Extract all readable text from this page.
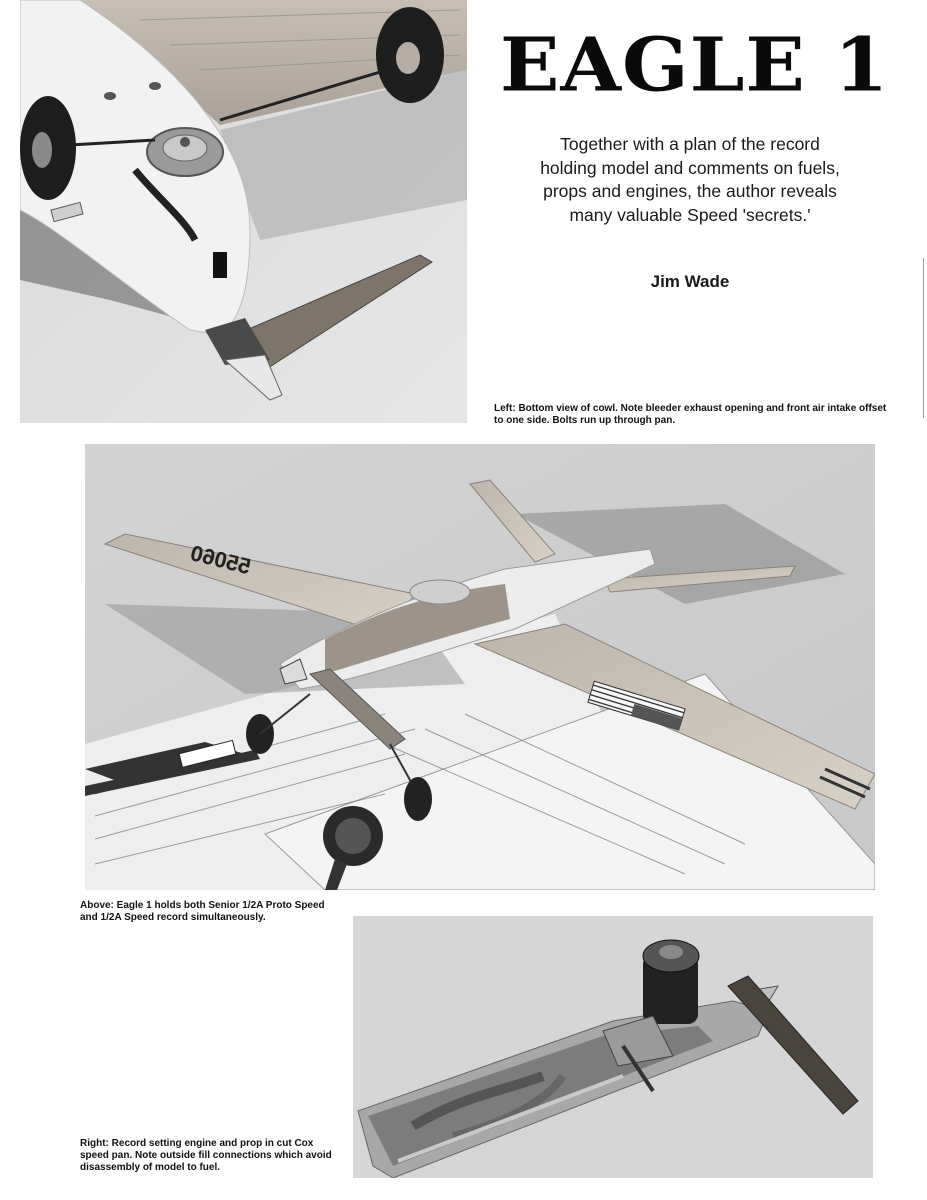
EAGLE 1
Together with a plan of the record holding model and comments on fuels, props and engines, the author reveals many valuable Speed 'secrets.'
Jim Wade
Left: Bottom view of cowl. Note bleeder exhaust opening and front air intake offset to one side. Bolts run up through pan.
55060
Above: Eagle 1 holds both Senior 1/2A Proto Speed and 1/2A Speed record simultaneously.
Right: Record setting engine and prop in cut Cox speed pan. Note outside fill connections which avoid disassembly of model to fuel.
